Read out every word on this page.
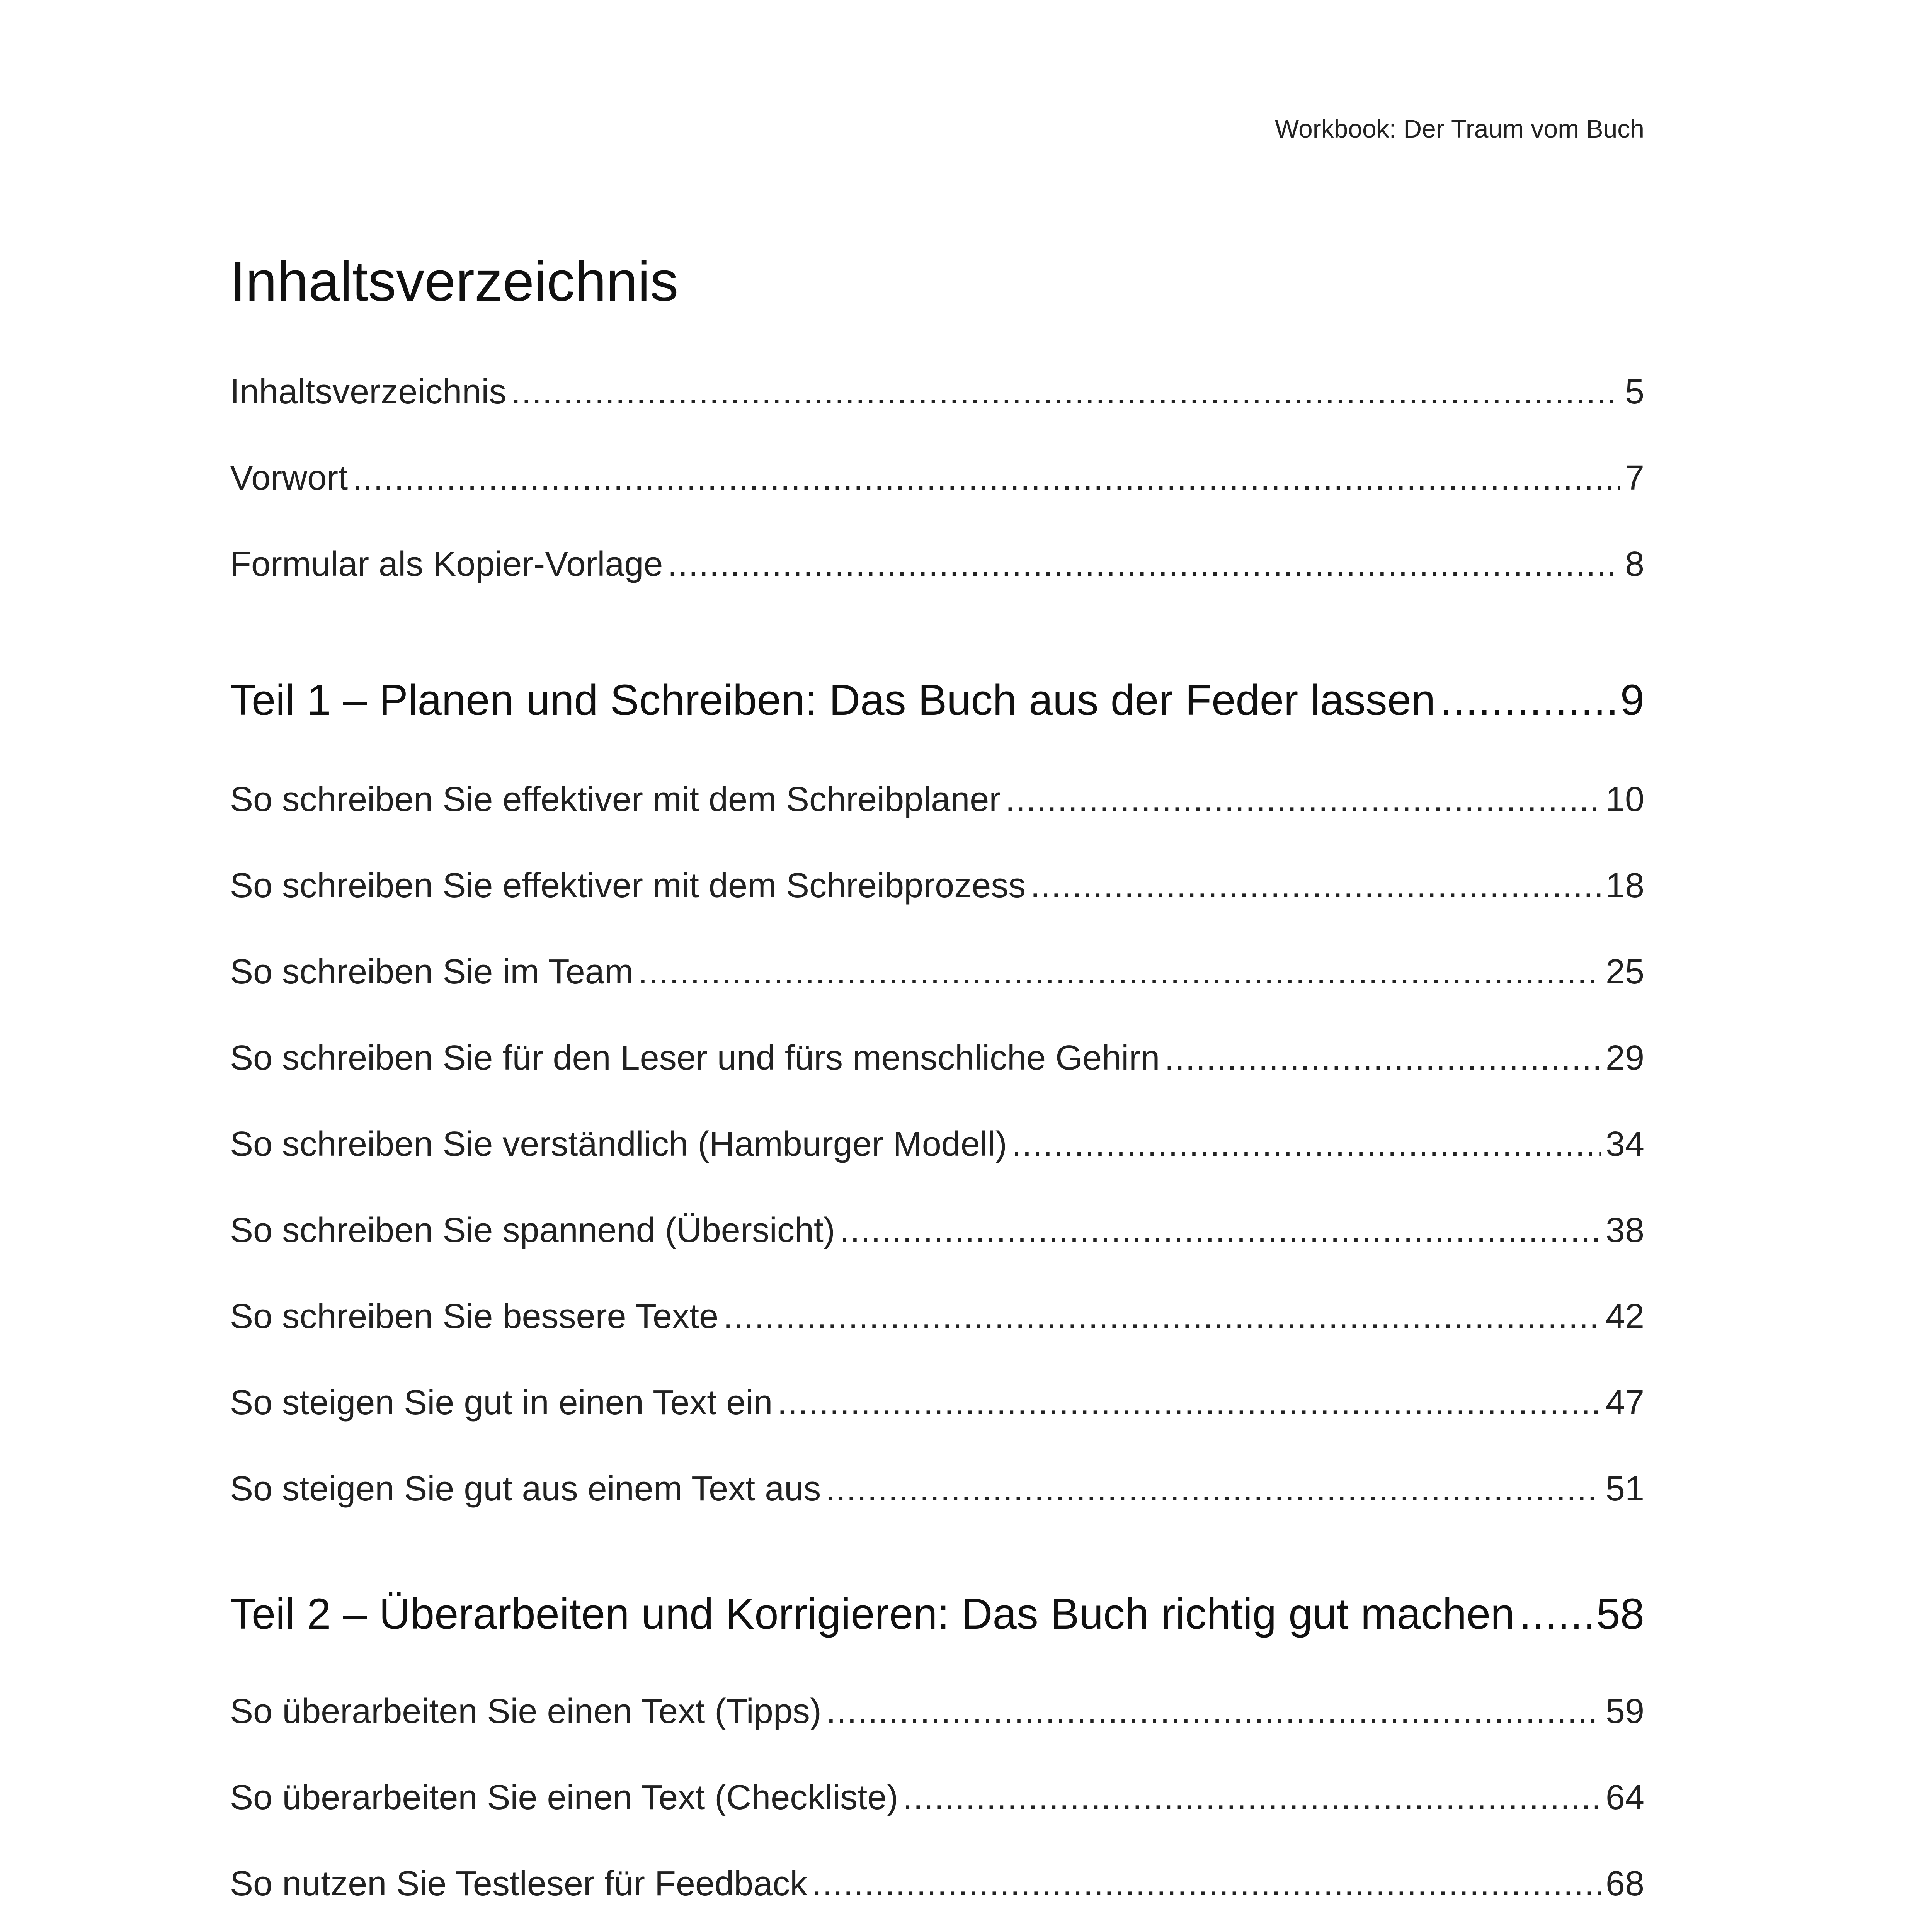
Workbook: Der Traum vom Buch
Inhaltsverzeichnis
Inhaltsverzeichnis .....	5
Vorwort .....	7
Formular als Kopier-Vorlage .....	8
Teil 1 – Planen und Schreiben: Das Buch aus der Feder lassen .....	9
So schreiben Sie effektiver mit dem Schreibplaner .....	10
So schreiben Sie effektiver mit dem Schreibprozess .....	18
So schreiben Sie im Team .....	25
So schreiben Sie für den Leser und fürs menschliche Gehirn .....	29
So schreiben Sie verständlich (Hamburger Modell) .....	34
So schreiben Sie spannend (Übersicht) .....	38
So schreiben Sie bessere Texte .....	42
So steigen Sie gut in einen Text ein .....	47
So steigen Sie gut aus einem Text aus .....	51
Teil 2 – Überarbeiten und Korrigieren: Das Buch richtig gut machen ..... 58
So überarbeiten Sie einen Text (Tipps) .....	59
So überarbeiten Sie einen Text (Checkliste) .....	64
So nutzen Sie Testleser für Feedback .....	68
